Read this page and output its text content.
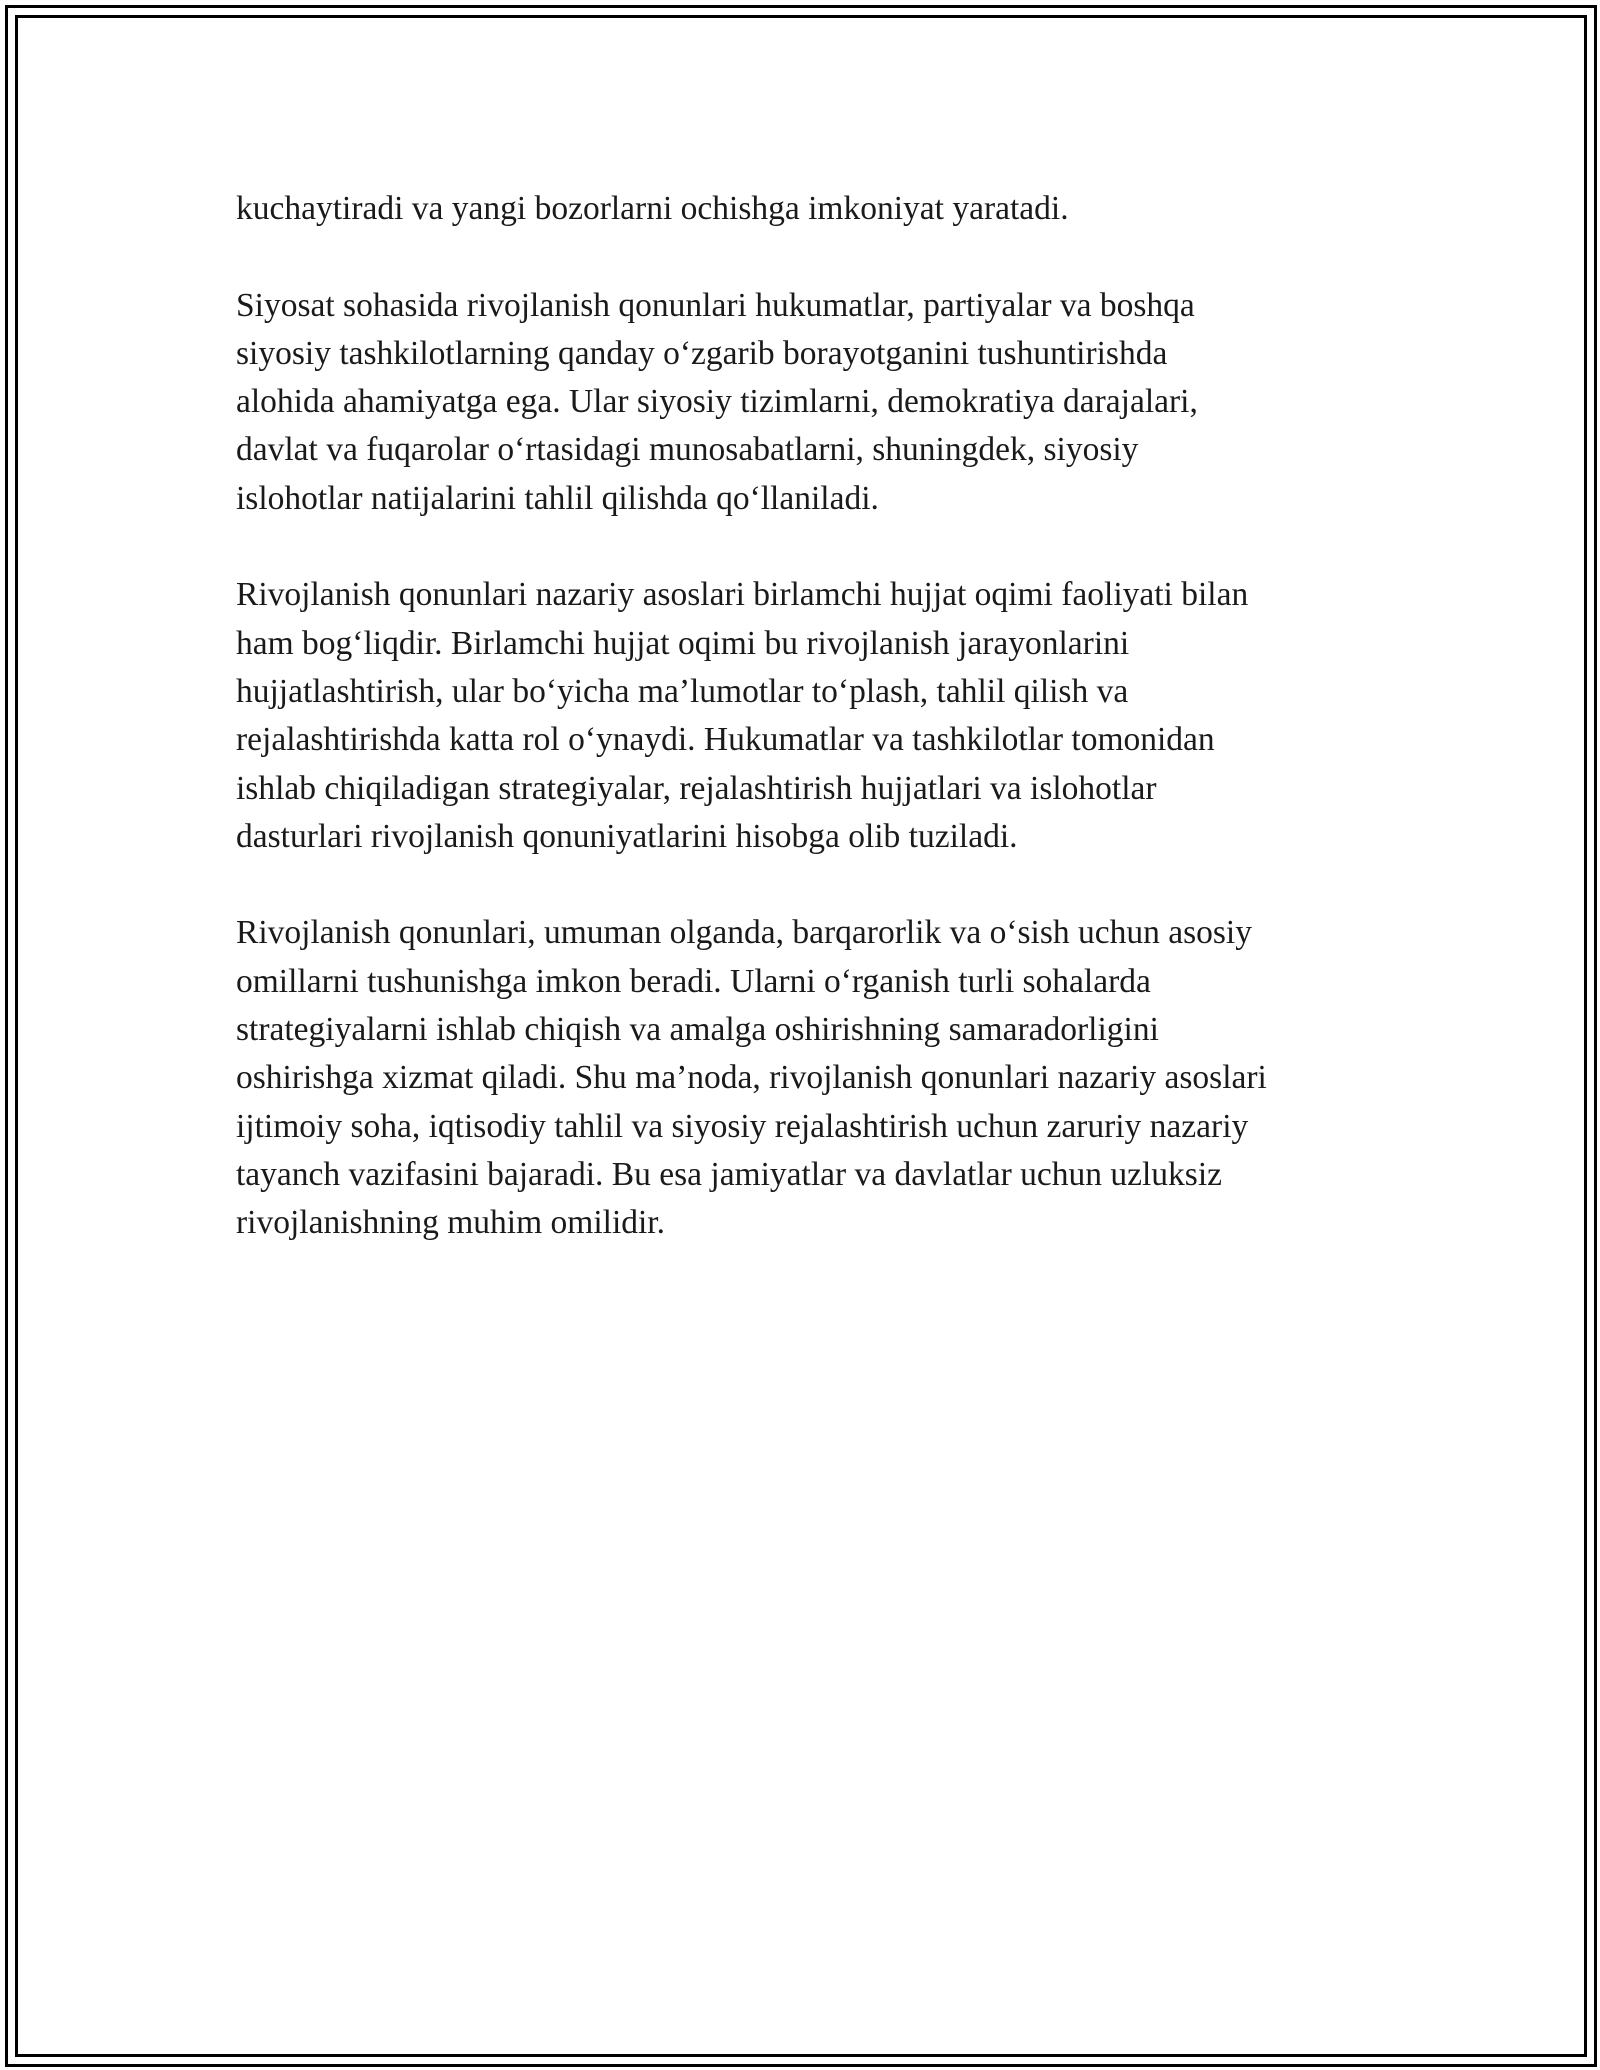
kuchaytiradi va yangi bozorlarni ochishga imkoniyat yaratadi.

Siyosat sohasida rivojlanish qonunlari hukumatlar, partiyalar va boshqa
siyosiy tashkilotlarning qanday oʻzgarib borayotganini tushuntirishda
alohida ahamiyatga ega. Ular siyosiy tizimlarni, demokratiya darajalari,
davlat va fuqarolar oʻrtasidagi munosabatlarni, shuningdek, siyosiy
islohotlar natijalarini tahlil qilishda qoʻllaniladi.

Rivojlanish qonunlari nazariy asoslari birlamchi hujjat oqimi faoliyati bilan
ham bogʻliqdir. Birlamchi hujjat oqimi bu rivojlanish jarayonlarini
hujjatlashtirish, ular boʻyicha ma’lumotlar toʻplash, tahlil qilish va
rejalashtirishda katta rol oʻynaydi. Hukumatlar va tashkilotlar tomonidan
ishlab chiqiladigan strategiyalar, rejalashtirish hujjatlari va islohotlar
dasturlari rivojlanish qonuniyatlarini hisobga olib tuziladi.

Rivojlanish qonunlari, umuman olganda, barqarorlik va oʻsish uchun asosiy
omillarni tushunishga imkon beradi. Ularni oʻrganish turli sohalarda
strategiyalarni ishlab chiqish va amalga oshirishning samaradorligini
oshirishga xizmat qiladi. Shu ma’noda, rivojlanish qonunlari nazariy asoslari
ijtimoiy soha, iqtisodiy tahlil va siyosiy rejalashtirish uchun zaruriy nazariy
tayanch vazifasini bajaradi. Bu esa jamiyatlar va davlatlar uchun uzluksiz
rivojlanishning muhim omilidir.
